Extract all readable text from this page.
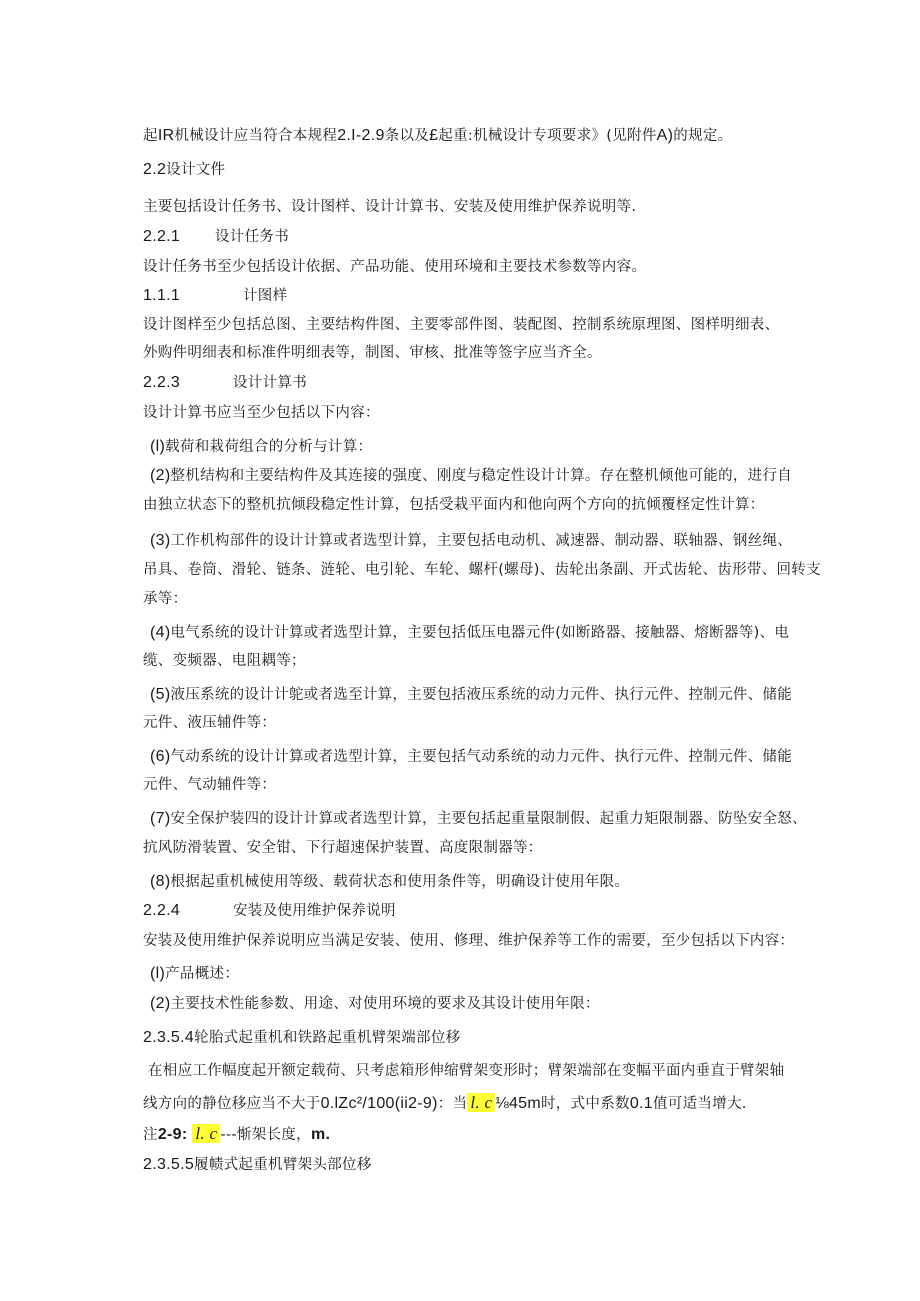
起IR机械设计应当符合本规程2.I-2.9条以及£起重:机械设计专项要求》(见附件A)的规定。
2.2设计文件
主要包括设计任务书、设计图样、设计计算书、安装及使用维护保养说明等.
2.2.1 设计任务书
设计任务书至少包括设计依据、产品功能、使用环境和主要技术参数等内容。
1.1.1	计图样
设计图样至少包括总图、主要结构件图、主要零部件图、装配图、控制系统原理图、图样明细表、
外购件明细表和标准件明细表等，制图、审核、批准等签字应当齐全。
2.2.3	设计计算书
设计计算书应当至少包括以下内容：
(l)载荷和栽荷组合的分析与计算：
(2)整机结构和主要结构件及其连接的强度、刚度与稳定性设计计算。存在整机倾他可能的，进行自
由独立状态下的整机抗倾段稳定性计算，包括受栽平面内和他向两个方向的抗倾覆柽定性计算：
(3)工作机构部件的设计计算或者选型计算，主要包括电动机、减速器、制动器、联轴器、钢丝绳、
吊具、卷筒、滑轮、链条、涟轮、电引轮、车轮、螺杆(螺母)、齿轮出条副、开式齿轮、齿形带、回转支
承等：
(4)电气系统的设计计算或者选型计算，主要包括低压电器元件(如断路器、接触器、熔断器等)、电
缆、变频器、电阻耦等；
(5)液压系统的设计计鸵或者选至计算，主要包括液压系统的动力元件、执行元件、控制元件、储能
元件、液压辅件等：
(6)气动系统的设计计算或者选型计算，主要包括气动系统的动力元件、执行元件、控制元件、储能
元件、气动辅件等：
(7)安全保护装四的设计计算或者选型计算，主要包括起重量限制假、起重力矩限制器、防坠安全怒、
抗风防滑装置、安全钳、下行超速保护装置、高度限制器等：
(8)根据起重机械使用等级、载荷状态和使用条件等，明确设计使用年限。
2.2.4	安装及使用维护保养说明
安装及使用维护保养说明应当满足安装、使用、修理、维护保养等工作的需要，至少包括以下内容：
(l)产品概述：
(2)主要技术性能参数、用途、对使用环境的要求及其设计使用年限：
2.3.5.4轮胎式起重机和铁路起重机臂架端部位移
在相应工作幅度起开额定载荷、只考虑箱形伸缩臂架变形时；臂架端部在变幅平面内垂直于臂架轴
线方向的静位移应当不大于0.lZc²/100(ii2-9)：当 l. c ⅛45m时，式中系数0.1值可适当增大.
注2-9: l. c ---惭架长度，m.
2.3.5.5履帻式起重机臂架头部位移
